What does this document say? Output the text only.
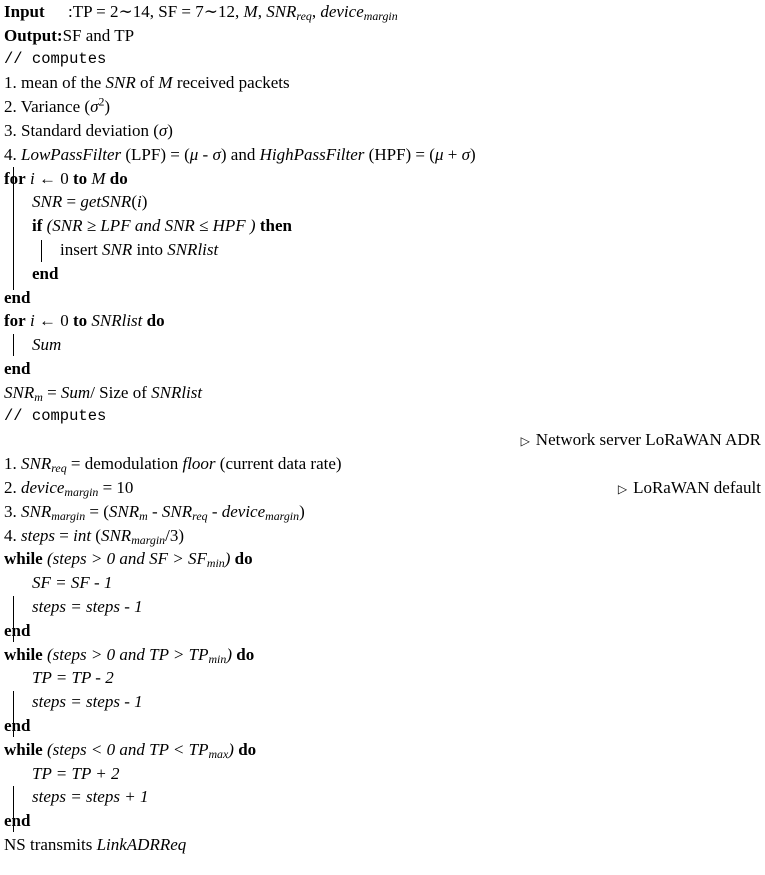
Input :TP = 2∼14, SF = 7∼12, M, $SNR_{req}$, device$_{margin}$
Output:SF and TP
// computes
1. mean of the SNR of M received packets
2. Variance $(\sigma^2)$
3. Standard deviation (σ)
4. LowPassFilter (LPF) = (μ - σ) and HighPassFilter (HPF) = (μ + σ)
for i ← 0 to M do
SNR = getSNR(i)
if (SNR ≥ LPF and SNR ≤ HPF ) then
insert SNR into SNRlist
end
end
for i ← 0 to SNRlist do
Sum
end
$SNR_m = Sum/$ Size of SNRlist
// computes
▷ Network server LoRaWAN ADR
1. $SNR_{req}$ = demodulation floor (current data rate)
2. device$_{margin}$ = 10	▷ LoRaWAN default
3. $SNR_{margin} = (SNR_m - SNR_{req}$ - device$_{margin}$)
4. steps = int $(SNR_{margin}/3)$
while (steps > 0 and SF > $SF_{min}$) do
SF = SF - 1
steps = steps - 1
end
while (steps > 0 and TP > $TP_{min}$) do
TP = TP - 2
steps = steps - 1
end
while (steps < 0 and TP < $TP_{max}$) do
TP = TP + 2
steps = steps + 1
end
NS transmits LinkADRReq
